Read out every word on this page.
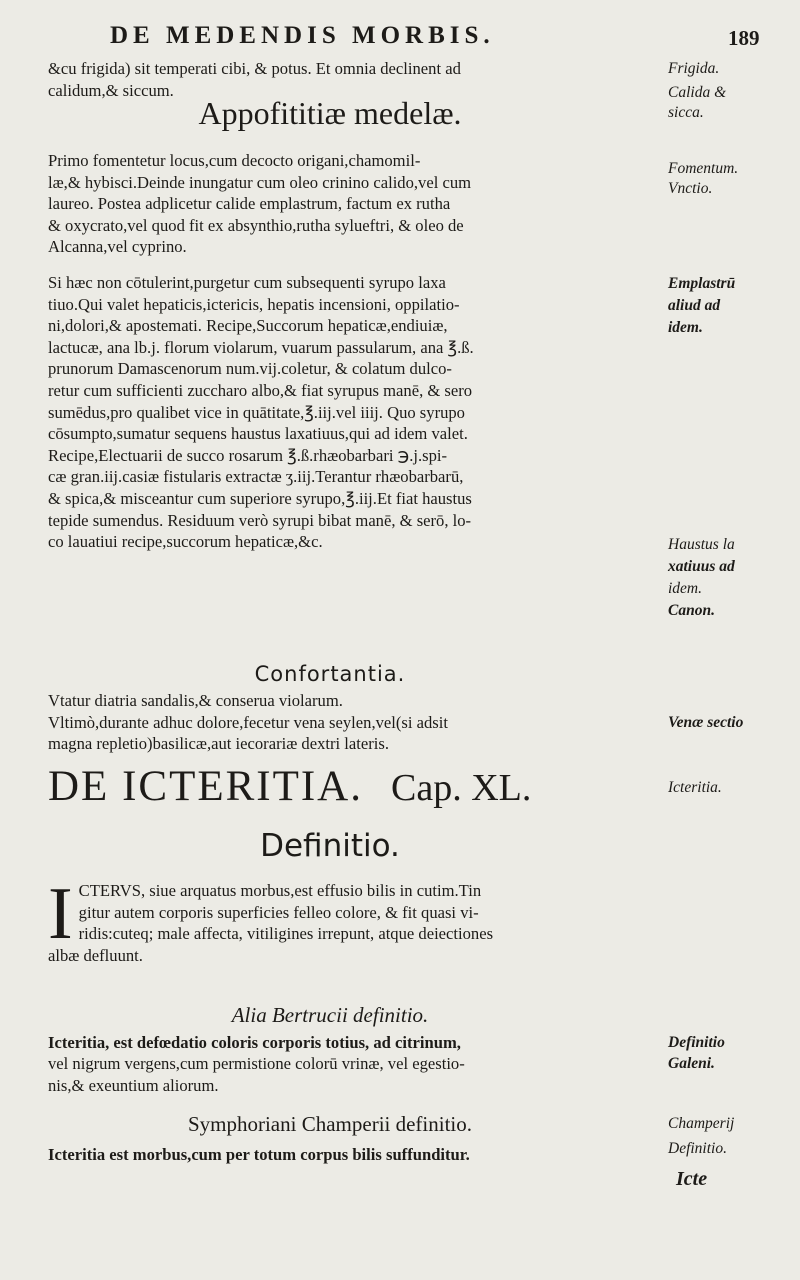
DE MEDENDIS MORBIS.	189
&cu frigida) sit temperati cibi, & potus. Et omnia declinent ad
calidum,& siccum.
Appofititiæ medelæ.
Primo fomentetur locus,cum decocto origani,chamomil-
læ,& hybisci.Deinde inungatur cum oleo crinino calido,vel cum
laureo. Postea adplicetur calide emplastrum, factum ex rutha
& oxycrato,vel quod fit ex absynthio,rutha sylueftri, & oleo de
Alcanna,vel cyprino.
Si hæc non cōtulerint,purgetur cum subsequenti syrupo laxa
tiuo.Qui valet hepaticis,ictericis, hepatis incensioni, oppilatio-
ni,dolori,& apostemati. Recipe,Succorum hepaticæ,endiuiæ,
lactucæ, ana lb.j. florum violarum, vuarum passularum, ana ℥.ß.
prunorum Damascenorum num.vij.coletur, & colatum dulco-
retur cum sufficienti zuccharo albo,& fiat syrupus manē, & sero
sumēdus,pro qualibet vice in quātitate,℥.iij.vel iiij. Quo syrupo
cōsumpto,sumatur sequens haustus laxatiuus,qui ad idem valet.
Recipe,Electuarii de succo rosarum ℥.ß.rhæobarbari ℈.j.spi-
cæ gran.iij.casiæ fistularis extractæ ʒ.iij.Terantur rhæobarbarū,
& spica,& misceantur cum superiore syrupo,℥.iij.Et fiat haustus
tepide sumendus. Residuum verò syrupi bibat manē, & serō, lo-
co lauatiui recipe,succorum hepaticæ,&c.
Confortantia.
Vtatur diatria sandalis,& conserua violarum.
Vltimò,durante adhuc dolore,fecetur vena seylen,vel(si adsit
magna repletio)basilicæ,aut iecorariæ dextri lateris.
DE ICTERITIA. Cap. XL.
Definitio.
I CTERVS, siue arquatus morbus,est effusio bilis in cutim.Tin
gitur autem corporis superficies felleo colore, & fit quasi vi-
ridis:cuteq; male affecta, vitiligines irrepunt, atque deiectiones
albæ defluunt.
Alia Bertrucii definitio.
Icteritia, est defœdatio coloris corporis totius, ad citrinum,
vel nigrum vergens,cum permistione colorū vrinæ, vel egestio-
nis,& exeuntium aliorum.
Symphoriani Champerii definitio.
Icteritia est morbus,cum per totum corpus bilis suffunditur.
Icte
Frigida.
Calida &
sicca.
Fomentum.
Vnctio.
Emplastrū
aliud ad
idem.
Haustus la
xatiuus ad
idem.
Canon.
Venæ sectio
Icteritia.
Definitio
Galeni.
Champerij
Definitio.
